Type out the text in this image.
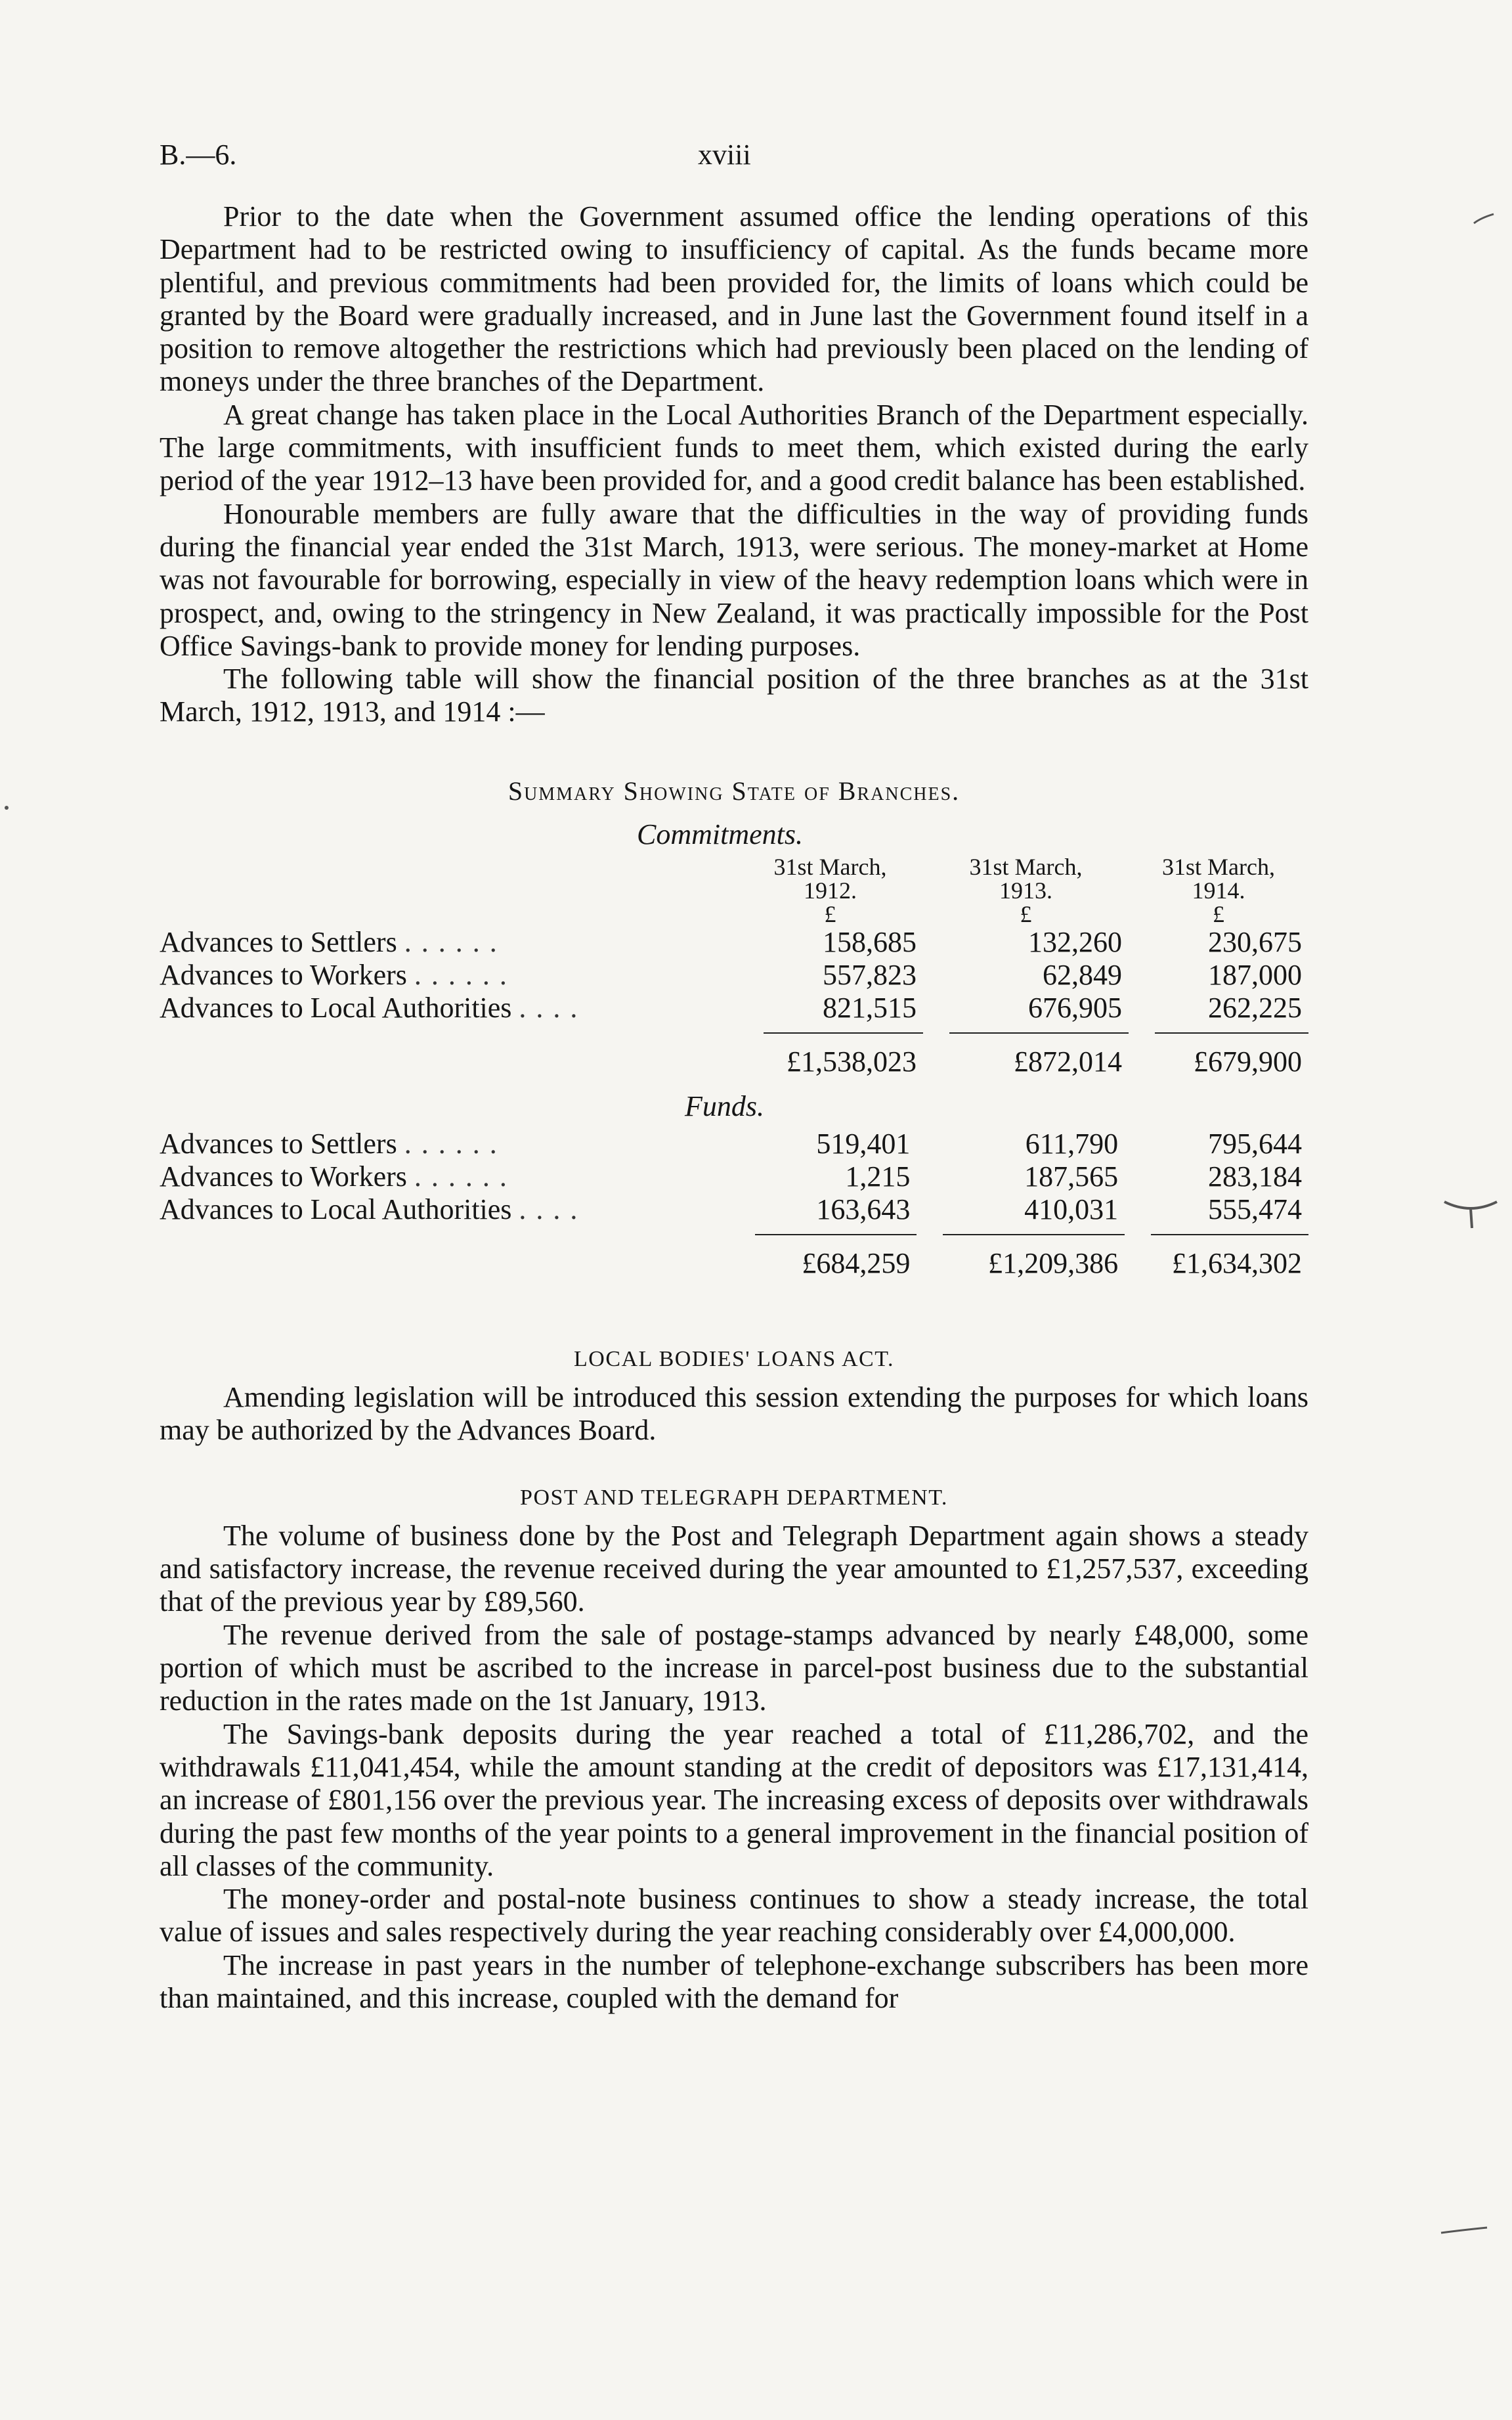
B.—6.	xviii

Prior to the date when the Government assumed office the lending operations of this Department had to be restricted owing to insufficiency of capital. As the funds became more plentiful, and previous commitments had been provided for, the limits of loans which could be granted by the Board were gradually increased, and in June last the Government found itself in a position to remove altogether the restrictions which had previously been placed on the lending of moneys under the three branches of the Department.

A great change has taken place in the Local Authorities Branch of the Department especially. The large commitments, with insufficient funds to meet them, which existed during the early period of the year 1912–13 have been provided for, and a good credit balance has been established.

Honourable members are fully aware that the difficulties in the way of providing funds during the financial year ended the 31st March, 1913, were serious. The money-market at Home was not favourable for borrowing, especially in view of the heavy redemption loans which were in prospect, and, owing to the stringency in New Zealand, it was practically impossible for the Post Office Savings-bank to provide money for lending purposes.

The following table will show the financial position of the three branches as at the 31st March, 1912, 1913, and 1914 :—

Summary Showing State of Branches.
Commitments.
	31st March,
1912.
£	31st March,
1913.
£	31st March,
1914.
£
Advances to Settlers . . . . . .	158,685	132,260	230,675
Advances to Workers . . . . . .	557,823	62,849	187,000
Advances to Local Authorities . . . .	821,515	676,905	262,225

	£1,538,023	£872,014	£679,900
Funds.
Advances to Settlers . . . . . .	519,401	611,790	795,644
Advances to Workers . . . . . .	1,215	187,565	283,184
Advances to Local Authorities . . . .	163,643	410,031	555,474

	£684,259	£1,209,386	£1,634,302
LOCAL BODIES' LOANS ACT.

Amending legislation will be introduced this session extending the purposes for which loans may be authorized by the Advances Board.

POST AND TELEGRAPH DEPARTMENT.

The volume of business done by the Post and Telegraph Department again shows a steady and satisfactory increase, the revenue received during the year amounted to £1,257,537, exceeding that of the previous year by £89,560.

The revenue derived from the sale of postage-stamps advanced by nearly £48,000, some portion of which must be ascribed to the increase in parcel-post business due to the substantial reduction in the rates made on the 1st January, 1913.

The Savings-bank deposits during the year reached a total of £11,286,702, and the withdrawals £11,041,454, while the amount standing at the credit of depositors was £17,131,414, an increase of £801,156 over the previous year. The increasing excess of deposits over withdrawals during the past few months of the year points to a general improvement in the financial position of all classes of the community.

The money-order and postal-note business continues to show a steady increase, the total value of issues and sales respectively during the year reaching considerably over £4,000,000.

The increase in past years in the number of telephone-exchange subscribers has been more than maintained, and this increase, coupled with the demand for
